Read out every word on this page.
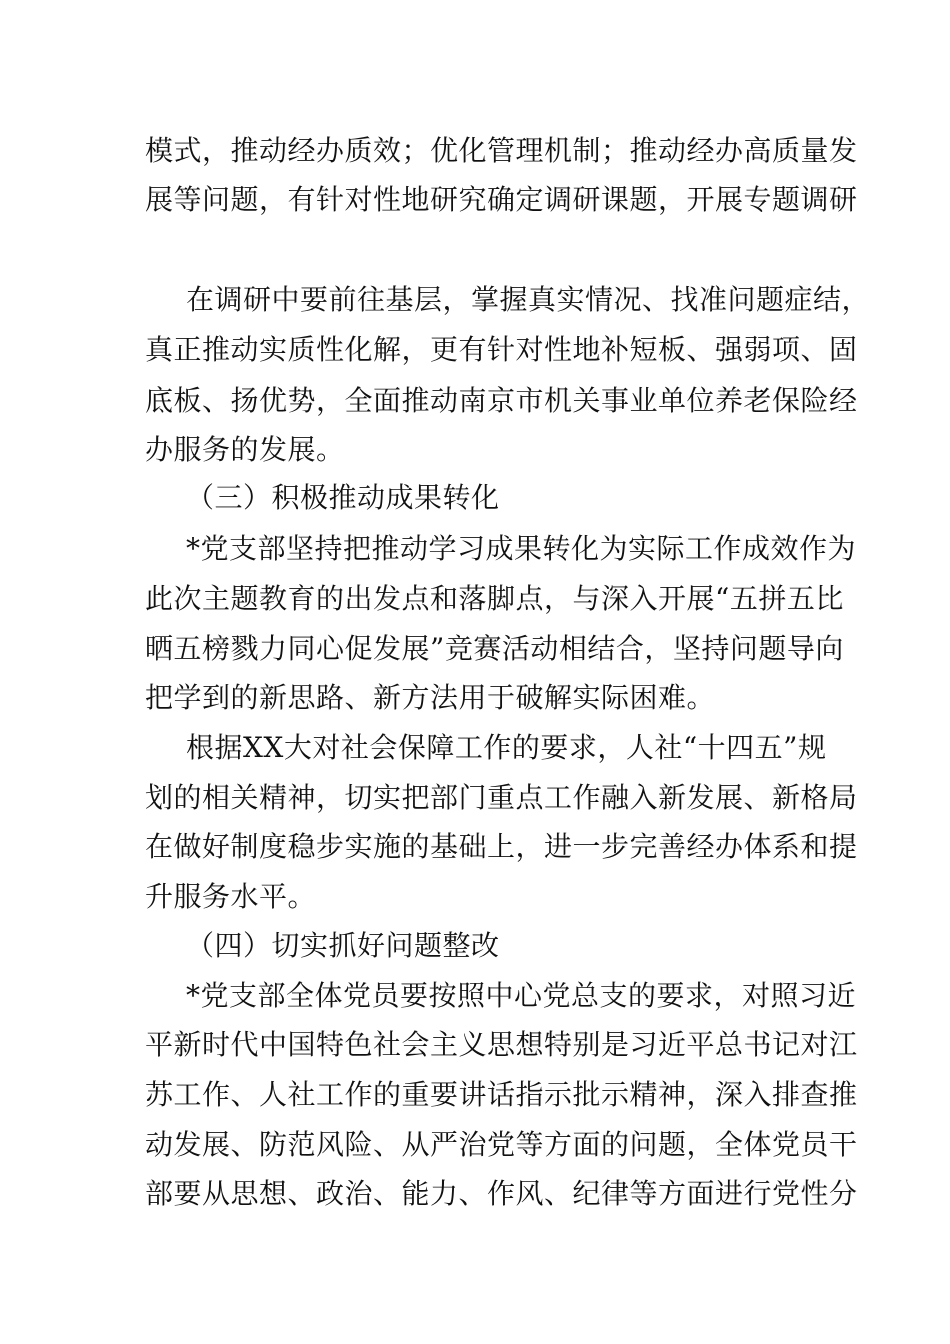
模式，推动经办质效；优化管理机制；推动经办高质量发
展等问题，有针对性地研究确定调研课题，开展专题调研
在调研中要前往基层，掌握真实情况、找准问题症结，
真正推动实质性化解，更有针对性地补短板、强弱项、固
底板、扬优势，全面推动南京市机关事业单位养老保险经
办服务的发展。
（三）积极推动成果转化
*党支部坚持把推动学习成果转化为实际工作成效作为
此次主题教育的出发点和落脚点，与深入开展“五拼五比
晒五榜戮力同心促发展”竞赛活动相结合，坚持问题导向
把学到的新思路、新方法用于破解实际困难。
根据XX大对社会保障工作的要求，人社“十四五”规
划的相关精神，切实把部门重点工作融入新发展、新格局
在做好制度稳步实施的基础上，进一步完善经办体系和提
升服务水平。
（四）切实抓好问题整改
*党支部全体党员要按照中心党总支的要求，对照习近
平新时代中国特色社会主义思想特别是习近平总书记对江
苏工作、人社工作的重要讲话指示批示精神，深入排查推
动发展、防范风险、从严治党等方面的问题，全体党员干
部要从思想、政治、能力、作风、纪律等方面进行党性分
